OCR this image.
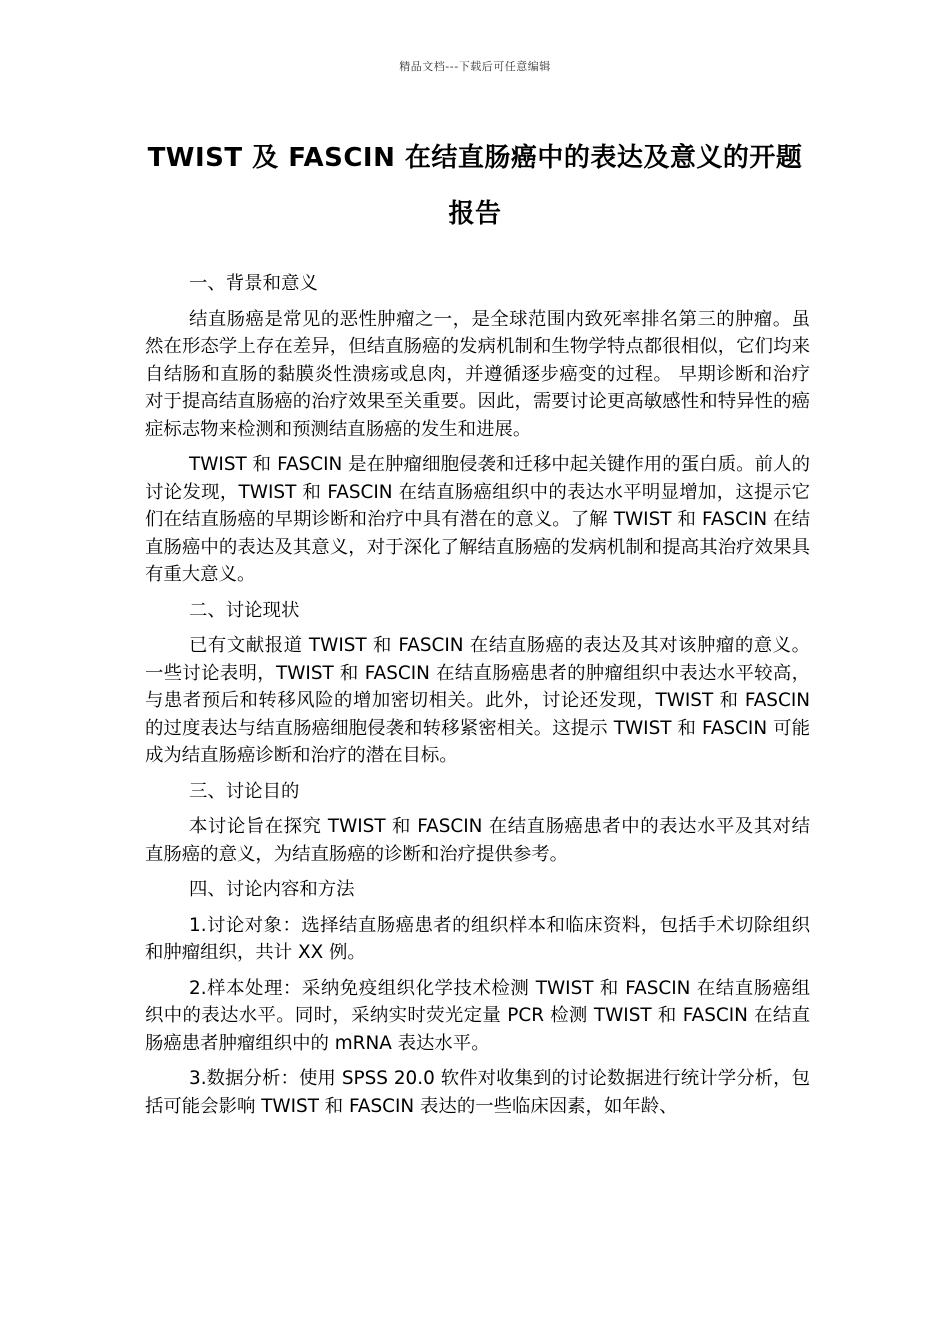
精品文档---下载后可任意编辑
TWIST 及 FASCIN 在结直肠癌中的表达及意义的开题报告

一、背景和意义

结直肠癌是常见的恶性肿瘤之一，是全球范围内致死率排名第三的肿瘤。虽然在形态学上存在差异，但结直肠癌的发病机制和生物学特点都很相似，它们均来自结肠和直肠的黏膜炎性溃疡或息肉，并遵循逐步癌变的过程。 早期诊断和治疗对于提高结直肠癌的治疗效果至关重要。因此，需要讨论更高敏感性和特异性的癌症标志物来检测和预测结直肠癌的发生和进展。

TWIST 和 FASCIN 是在肿瘤细胞侵袭和迁移中起关键作用的蛋白质。前人的讨论发现，TWIST 和 FASCIN 在结直肠癌组织中的表达水平明显增加，这提示它们在结直肠癌的早期诊断和治疗中具有潜在的意义。了解 TWIST 和 FASCIN 在结直肠癌中的表达及其意义，对于深化了解结直肠癌的发病机制和提高其治疗效果具有重大意义。

二、讨论现状

已有文献报道 TWIST 和 FASCIN 在结直肠癌的表达及其对该肿瘤的意义。一些讨论表明，TWIST 和 FASCIN 在结直肠癌患者的肿瘤组织中表达水平较高，与患者预后和转移风险的增加密切相关。此外，讨论还发现，TWIST 和 FASCIN 的过度表达与结直肠癌细胞侵袭和转移紧密相关。这提示 TWIST 和 FASCIN 可能成为结直肠癌诊断和治疗的潜在目标。

三、讨论目的

本讨论旨在探究 TWIST 和 FASCIN 在结直肠癌患者中的表达水平及其对结直肠癌的意义，为结直肠癌的诊断和治疗提供参考。

四、讨论内容和方法

1.讨论对象：选择结直肠癌患者的组织样本和临床资料，包括手术切除组织和肿瘤组织，共计 XX 例。

2.样本处理：采纳免疫组织化学技术检测 TWIST 和 FASCIN 在结直肠癌组织中的表达水平。同时，采纳实时荧光定量 PCR 检测 TWIST 和 FASCIN 在结直肠癌患者肿瘤组织中的 mRNA 表达水平。

3.数据分析：使用 SPSS 20.0 软件对收集到的讨论数据进行统计学分析，包括可能会影响 TWIST 和 FASCIN 表达的一些临床因素，如年龄、
